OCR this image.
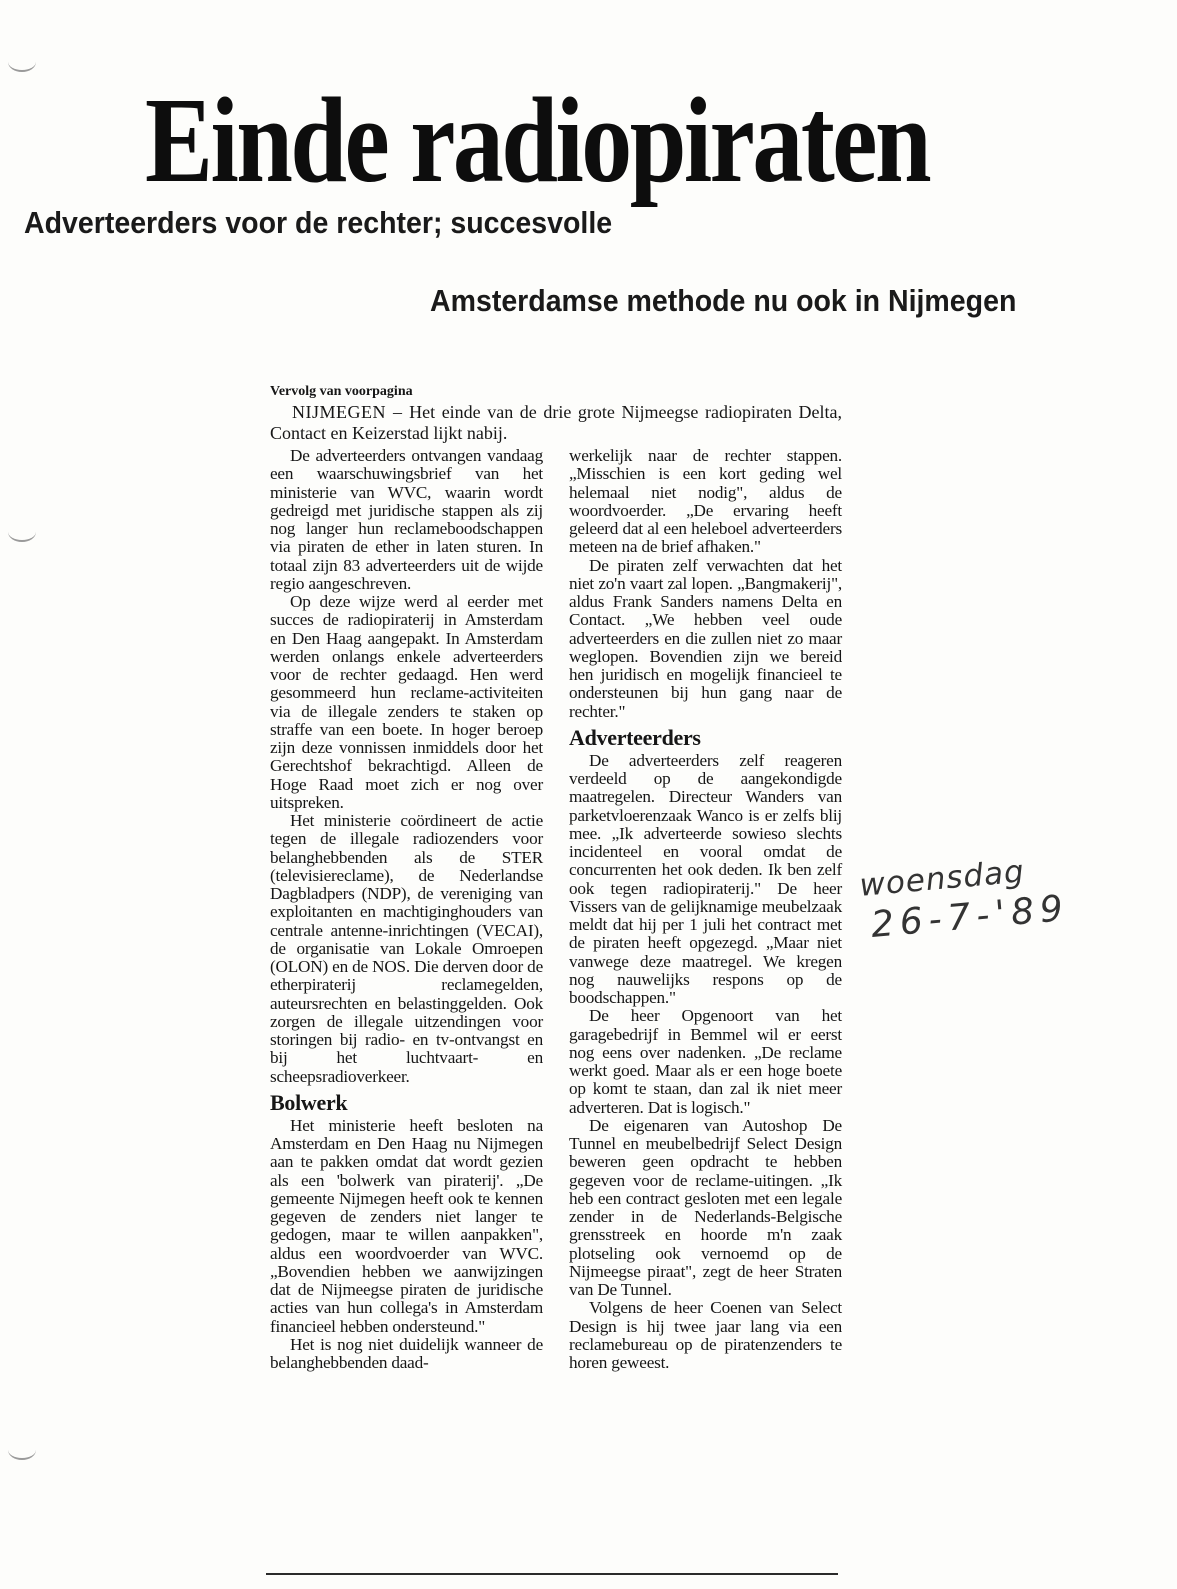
Einde radiopiraten
Adverteerders voor de rechter; succesvolle
Amsterdamse methode nu ook in Nijmegen
Vervolg van voorpagina

NIJMEGEN – Het einde van de drie grote Nijmeegse radiopiraten Delta, Contact en Keizerstad lijkt nabij.

De adverteerders ontvangen vandaag een waarschuwingsbrief van het ministerie van WVC, waarin wordt gedreigd met juridische stappen als zij nog langer hun reclameboodschappen via piraten de ether in laten sturen. In totaal zijn 83 adverteerders uit de wijde regio aangeschreven.

Op deze wijze werd al eerder met succes de radiopiraterij in Amsterdam en Den Haag aangepakt. In Amsterdam werden onlangs enkele adverteerders voor de rechter gedaagd. Hen werd gesommeerd hun reclame-activiteiten via de illegale zenders te staken op straffe van een boete. In hoger beroep zijn deze vonnissen inmiddels door het Gerechtshof bekrachtigd. Alleen de Hoge Raad moet zich er nog over uitspreken.

Het ministerie coördineert de actie tegen de illegale radiozenders voor belanghebbenden als de STER (televisiereclame), de Nederlandse Dagbladpers (NDP), de vereniging van exploitanten en machtiginghouders van centrale antenne-inrichtingen (VECAI), de organisatie van Lokale Omroepen (OLON) en de NOS. Die derven door de etherpiraterij reclamegelden, auteursrechten en belastinggelden. Ook zorgen de illegale uitzendingen voor storingen bij radio- en tv-ontvangst en bij het luchtvaart- en scheepsradioverkeer.

Bolwerk

Het ministerie heeft besloten na Amsterdam en Den Haag nu Nijmegen aan te pakken omdat dat wordt gezien als een 'bolwerk van piraterij'. „De gemeente Nijmegen heeft ook te kennen gegeven de zenders niet langer te gedogen, maar te willen aanpakken", aldus een woordvoerder van WVC. „Bovendien hebben we aanwijzingen dat de Nijmeegse piraten de juridische acties van hun collega's in Amsterdam financieel hebben ondersteund."

Het is nog niet duidelijk wanneer de belanghebbenden daad-

werkelijk naar de rechter stappen. „Misschien is een kort geding wel helemaal niet nodig", aldus de woordvoerder. „De ervaring heeft geleerd dat al een heleboel adverteerders meteen na de brief afhaken."

De piraten zelf verwachten dat het niet zo'n vaart zal lopen. „Bangmakerij", aldus Frank Sanders namens Delta en Contact. „We hebben veel oude adverteerders en die zullen niet zo maar weglopen. Bovendien zijn we bereid hen juridisch en mogelijk financieel te ondersteunen bij hun gang naar de rechter."

Adverteerders

De adverteerders zelf reageren verdeeld op de aangekondigde maatregelen. Directeur Wanders van parketvloerenzaak Wanco is er zelfs blij mee. „Ik adverteerde sowieso slechts incidenteel en vooral omdat de concurrenten het ook deden. Ik ben zelf ook tegen radiopiraterij." De heer Vissers van de gelijknamige meubelzaak meldt dat hij per 1 juli het contract met de piraten heeft opgezegd. „Maar niet vanwege deze maatregel. We kregen nog nauwelijks respons op de boodschappen."

De heer Opgenoort van het garagebedrijf in Bemmel wil er eerst nog eens over nadenken. „De reclame werkt goed. Maar als er een hoge boete op komt te staan, dan zal ik niet meer adverteren. Dat is logisch."

De eigenaren van Autoshop De Tunnel en meubelbedrijf Select Design beweren geen opdracht te hebben gegeven voor de reclame-uitingen. „Ik heb een contract gesloten met een legale zender in de Nederlands-Belgische grensstreek en hoorde m'n zaak plotseling ook vernoemd op de Nijmeegse piraat", zegt de heer Straten van De Tunnel.

Volgens de heer Coenen van Select Design is hij twee jaar lang via een reclamebureau op de piratenzenders te horen geweest.

woensdag
26-7-'89
